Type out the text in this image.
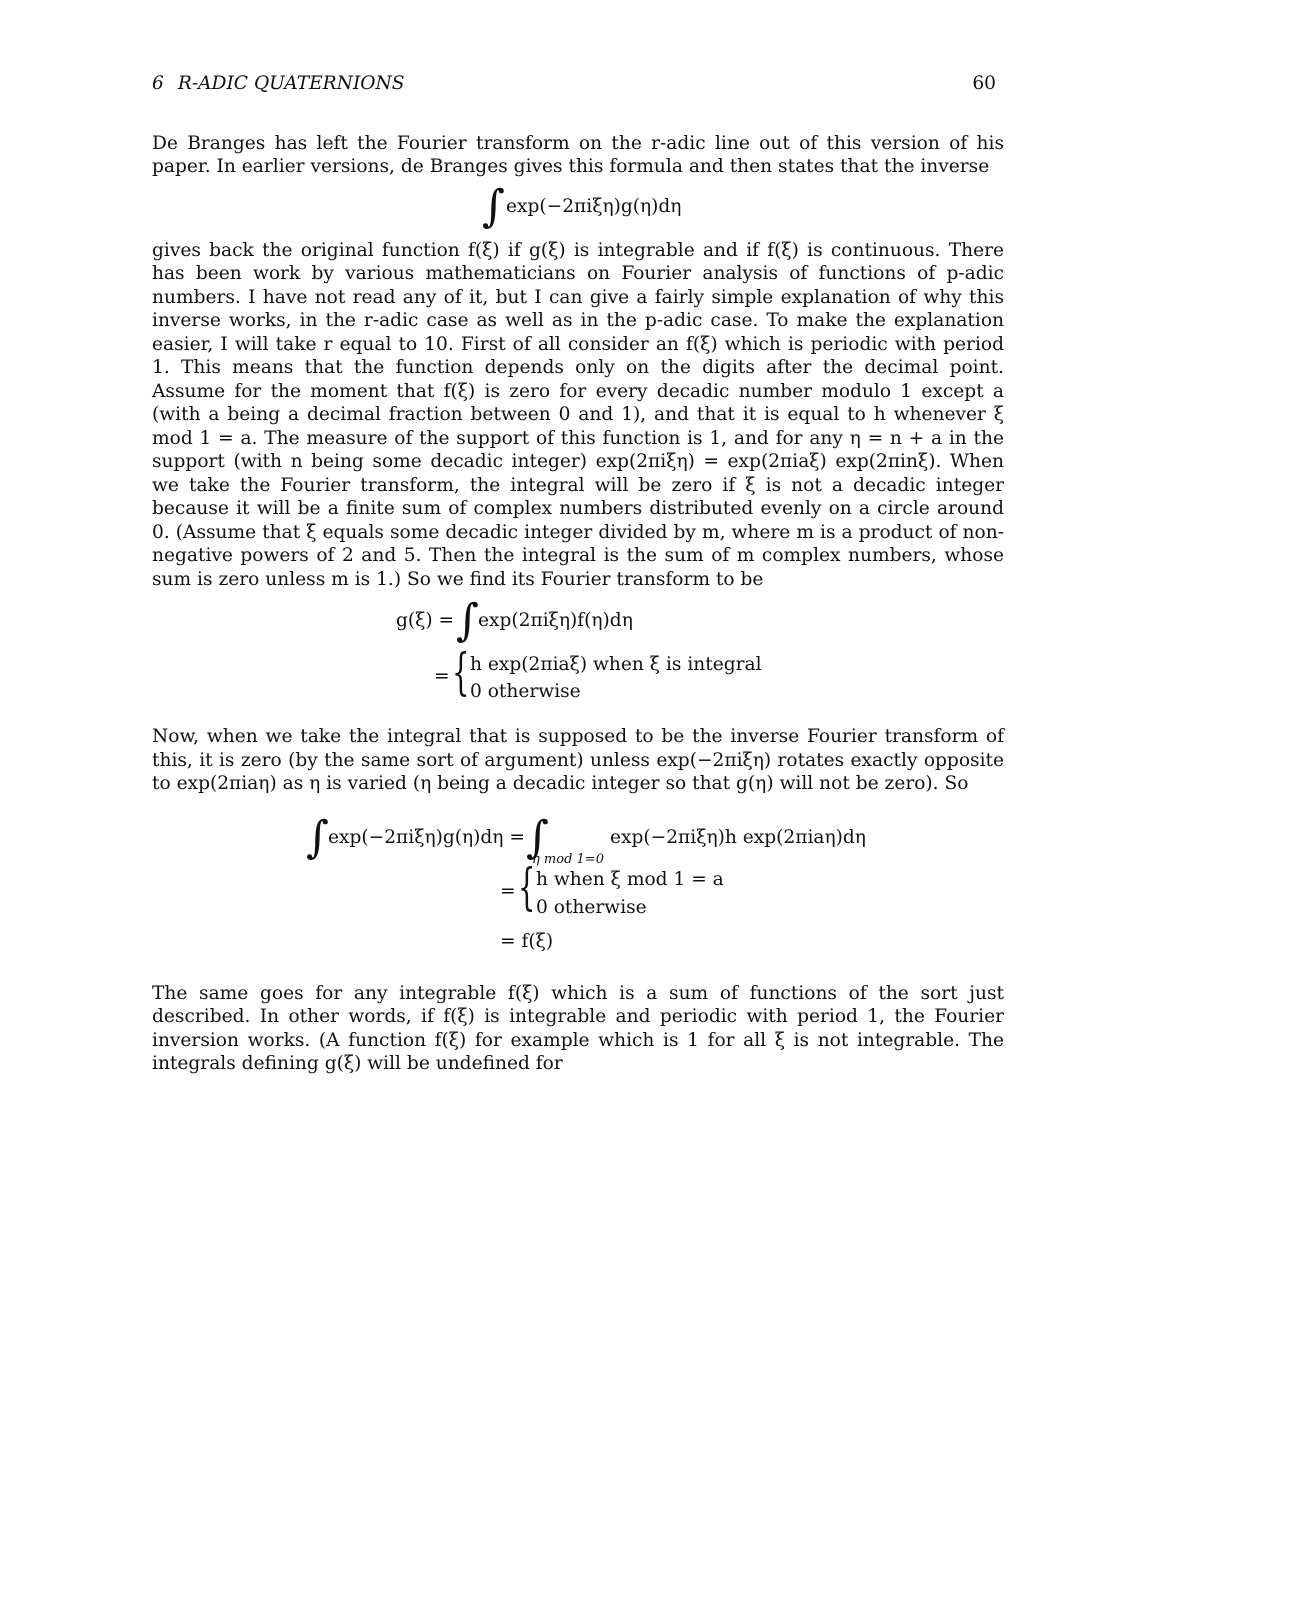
6 R-ADIC QUATERNIONS	60

De Branges has left the Fourier transform on the r-adic line out of this version of his paper. In earlier versions, de Branges gives this formula and then states that the inverse

∫ exp(−2πiξη)g(η)dη

gives back the original function f(ξ) if g(ξ) is integrable and if f(ξ) is continuous. There has been work by various mathematicians on Fourier analysis of functions of p-adic numbers. I have not read any of it, but I can give a fairly simple explanation of why this inverse works, in the r-adic case as well as in the p-adic case. To make the explanation easier, I will take r equal to 10. First of all consider an f(ξ) which is periodic with period 1. This means that the function depends only on the digits after the decimal point. Assume for the moment that f(ξ) is zero for every decadic number modulo 1 except a (with a being a decimal fraction between 0 and 1), and that it is equal to h whenever ξ mod 1 = a. The measure of the support of this function is 1, and for any η = n + a in the support (with n being some decadic integer) exp(2πiξη) = exp(2πiaξ) exp(2πinξ). When we take the Fourier transform, the integral will be zero if ξ is not a decadic integer because it will be a finite sum of complex numbers distributed evenly on a circle around 0. (Assume that ξ equals some decadic integer divided by m, where m is a product of non-negative powers of 2 and 5. Then the integral is the sum of m complex numbers, whose sum is zero unless m is 1.) So we find its Fourier transform to be

g(ξ) = ∫ exp(2πiξη)f(η)dη
= { h exp(2πiaξ) when ξ is integral
0 otherwise

Now, when we take the integral that is supposed to be the inverse Fourier transform of this, it is zero (by the same sort of argument) unless exp(−2πiξη) rotates exactly opposite to exp(2πiaη) as η is varied (η being a decadic integer so that g(η) will not be zero). So

∫ exp(−2πiξη)g(η)dη = ∫
η mod 1=0
exp(−2πiξη)h exp(2πiaη)dη
= { h when ξ mod 1 = a
0 otherwise
= f(ξ)

The same goes for any integrable f(ξ) which is a sum of functions of the sort just described. In other words, if f(ξ) is integrable and periodic with period 1, the Fourier inversion works. (A function f(ξ) for example which is 1 for all ξ is not integrable. The integrals defining g(ξ) will be undefined for
